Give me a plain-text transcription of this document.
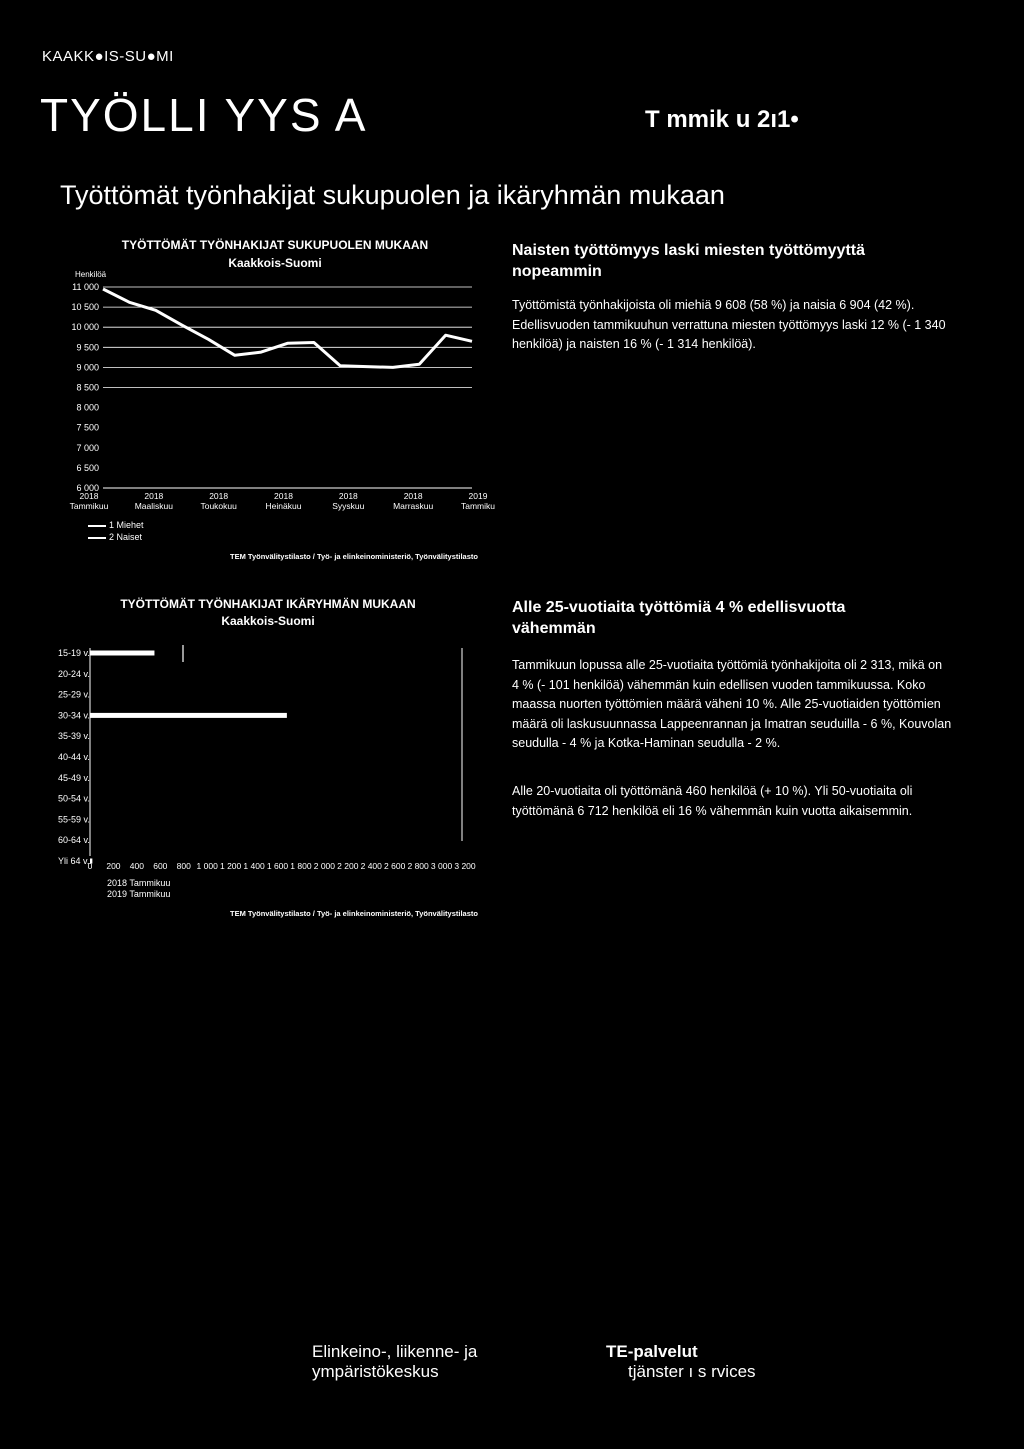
KAAKK●IS-SU●MI
TYÖLLI YYS A	T mmik u 2ı1•
Työttömät työnhakijat sukupuolen ja ikäryhmän mukaan
TYÖTTÖMÄT TYÖNHAKIJAT SUKUPUOLEN MUKAAN
Kaakkois-Suomi
Henkilöä
11 000
10 500
10 000
9 500
9 000
8 500
8 000
7 500
7 000
6 500
6 000
2018
Tammikuu
2018
Maaliskuu
2018
Toukokuu
2018
Heinäkuu
2018
Syyskuu
2018
Marraskuu
2019
Tammiku
1 Miehet
2 Naiset
TEM Työnvälitystilasto / Työ- ja elinkeinoministeriö, Työnvälitystilasto
Naisten työttömyys laski miesten työttömyyttä nopeammin
Työttömistä työnhakijoista oli miehiä 9 608 (58 %) ja naisia 6 904 (42 %). Edellisvuoden tammikuuhun verrattuna miesten työttömyys laski 12 % (- 1 340 henkilöä) ja naisten 16 % (- 1 314 henkilöä).
TYÖTTÖMÄT TYÖNHAKIJAT IKÄRYHMÄN MUKAAN
Kaakkois-Suomi
15-19 v.
20-24 v.
25-29 v.
30-34 v.
35-39 v.
40-44 v.
45-49 v.
50-54 v.
55-59 v.
60-64 v.
Yli 64 v.
0 200 400 600 800 1 000 1 200 1 400 1 600 1 800 2 000 2 200 2 400 2 600 2 800 3 000 3 200
2018 Tammikuu
2019 Tammikuu
TEM Työnvälitystilasto / Työ- ja elinkeinoministeriö, Työnvälitystilasto
Alle 25-vuotiaita työttömiä 4 % edellisvuotta vähemmän
Tammikuun lopussa alle 25-vuotiaita työttömiä työnhakijoita oli 2 313, mikä on 4 % (- 101 henkilöä) vähemmän kuin edellisen vuoden tammikuussa. Koko maassa nuorten työttömien määrä väheni 10 %. Alle 25-vuotiaiden työttömien määrä oli laskusuunnassa Lappeenrannan ja Imatran seuduilla - 6 %, Kouvolan seudulla - 4 % ja Kotka-Haminan seudulla - 2 %.
Alle 20-vuotiaita oli työttömänä 460 henkilöä (+ 10 %). Yli 50-vuotiaita oli työttömänä 6 712 henkilöä eli 16 % vähemmän kuin vuotta aikaisemmin.
Elinkeino-, liikenne- ja
ympäristökeskus
TE-palvelut
tjänster ı s rvices
